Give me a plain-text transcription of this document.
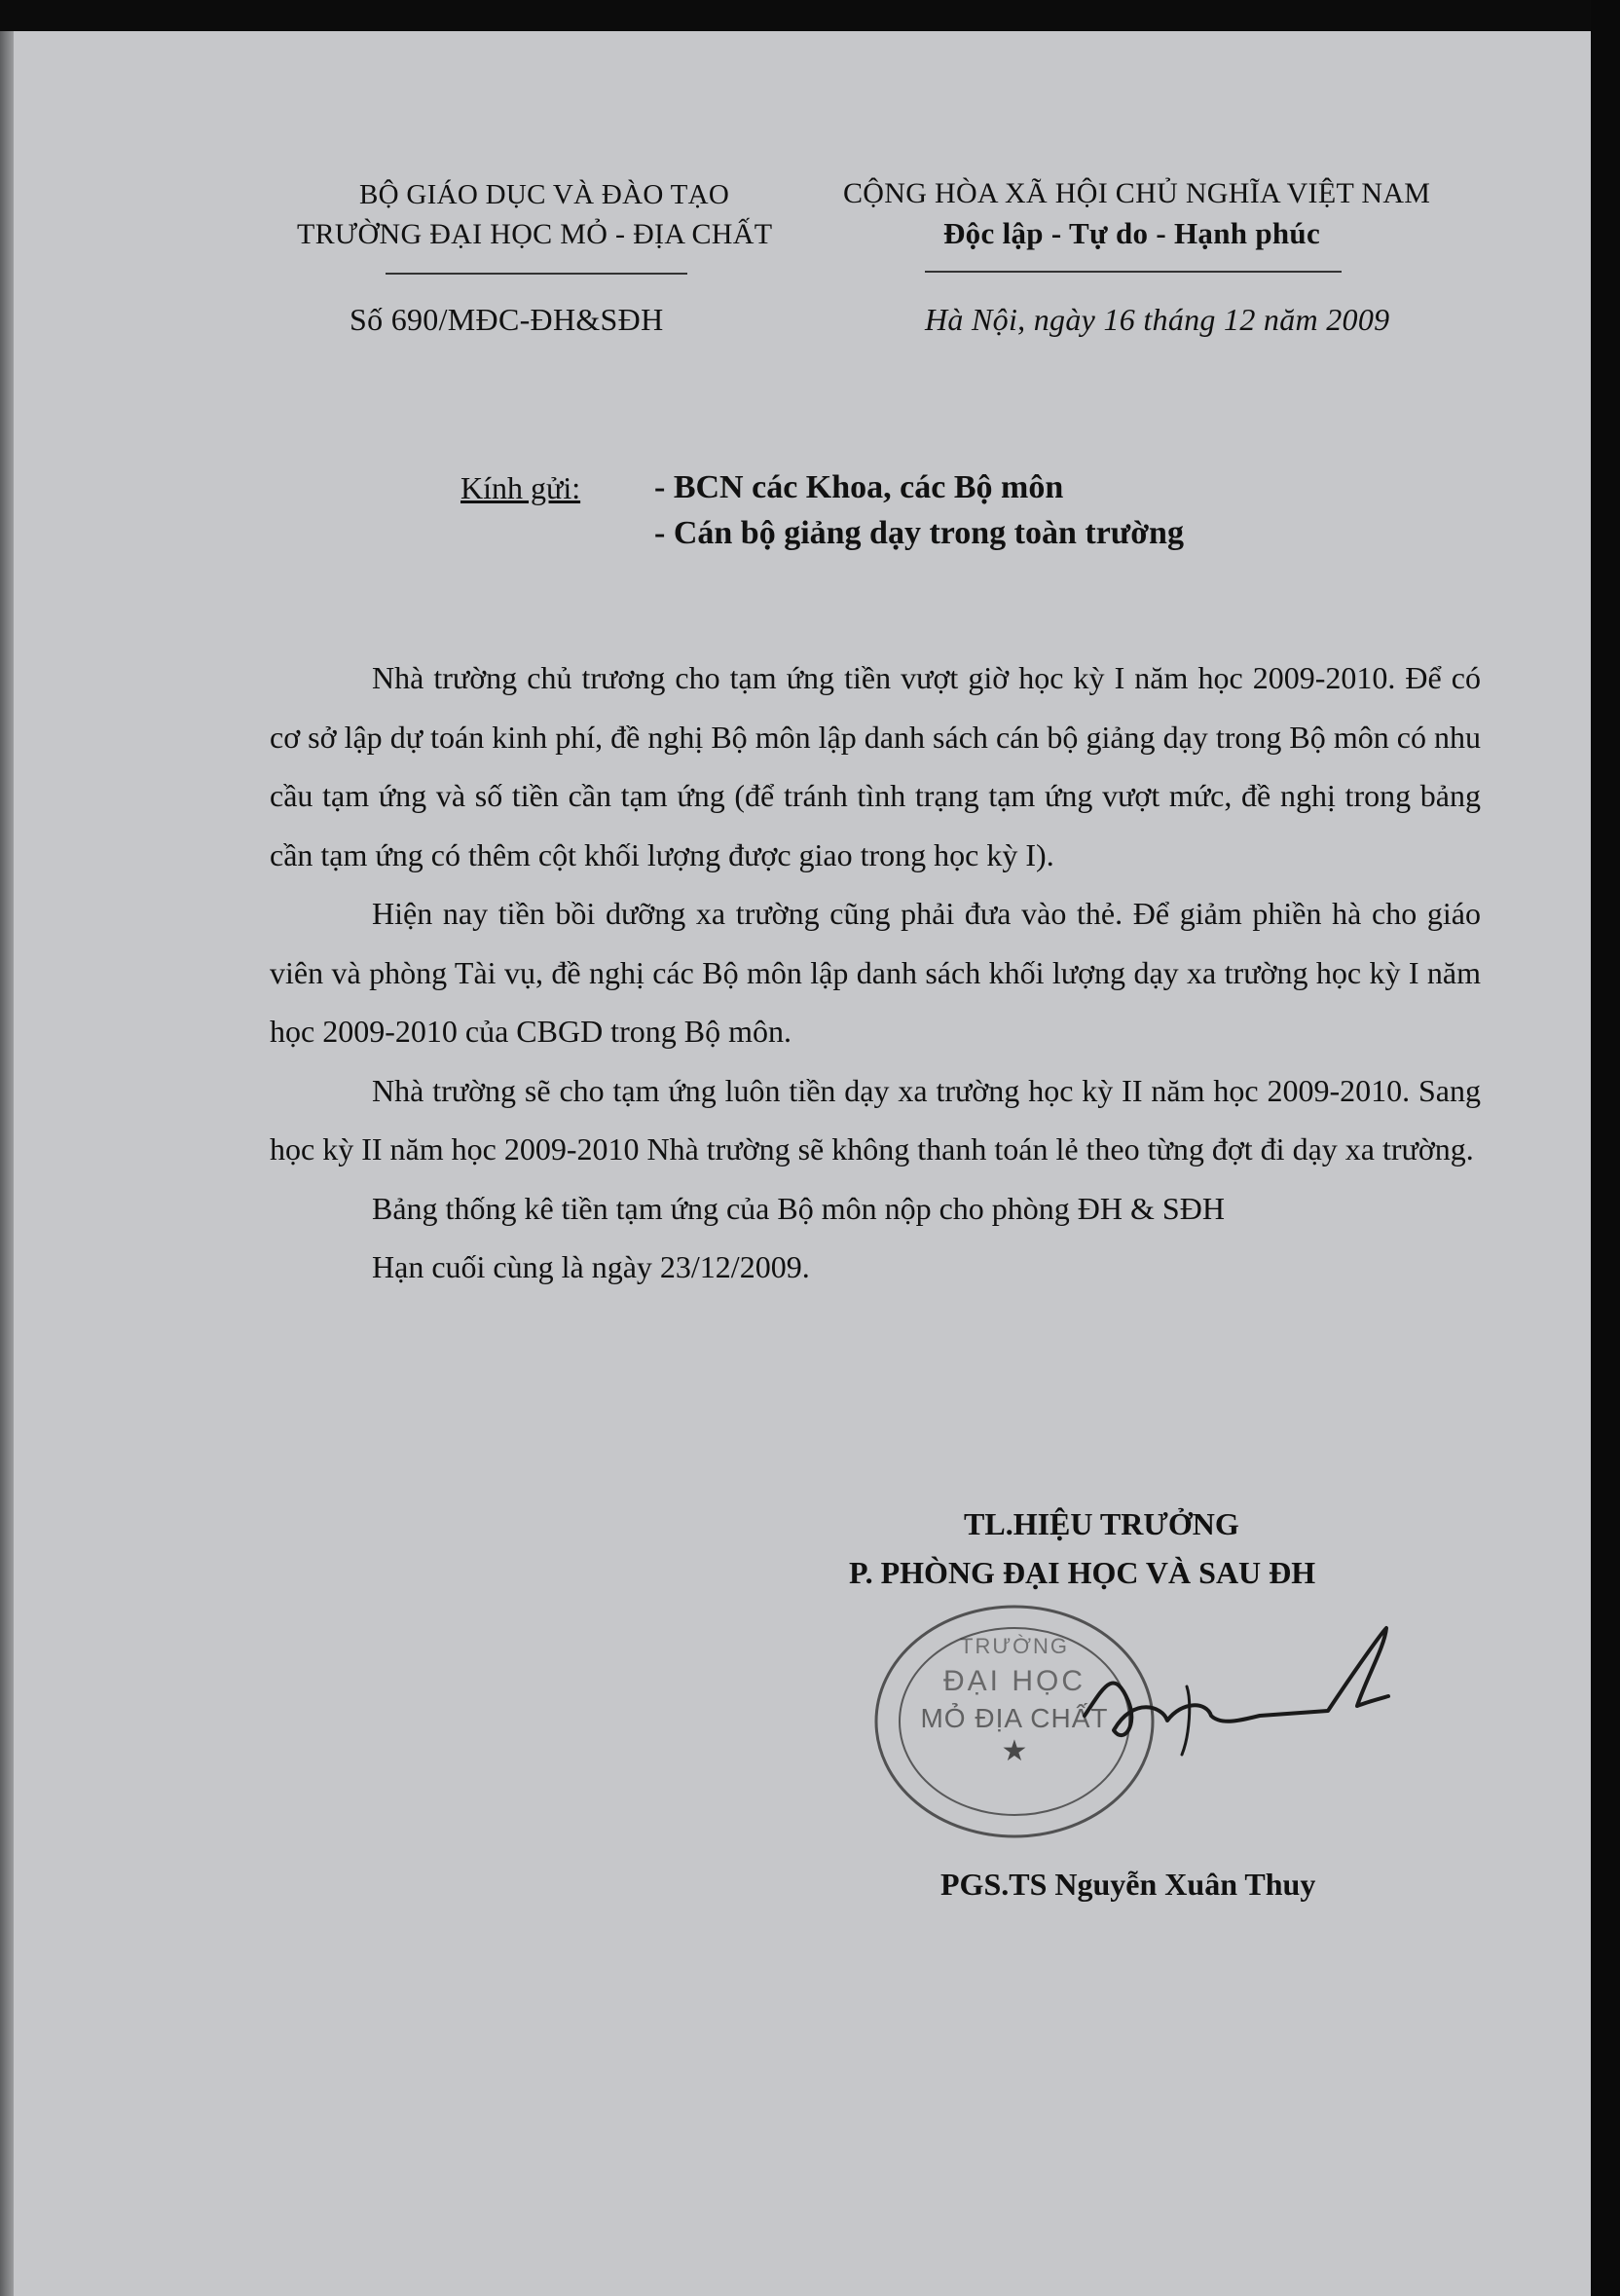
BỘ GIÁO DỤC VÀ ĐÀO TẠO
TRƯỜNG ĐẠI HỌC MỎ - ĐỊA CHẤT
Số 690/MĐC-ĐH&SĐH
CỘNG HÒA XÃ HỘI CHỦ NGHĨA VIỆT NAM
Độc lập - Tự do - Hạnh phúc
Hà Nội, ngày 16 tháng 12 năm 2009
Kính gửi: - BCN các Khoa, các Bộ môn
- Cán bộ giảng dạy trong toàn trường

Nhà trường chủ trương cho tạm ứng tiền vượt giờ học kỳ I năm học 2009-2010. Để có cơ sở lập dự toán kinh phí, đề nghị Bộ môn lập danh sách cán bộ giảng dạy trong Bộ môn có nhu cầu tạm ứng và số tiền cần tạm ứng (để tránh tình trạng tạm ứng vượt mức, đề nghị trong bảng cần tạm ứng có thêm cột khối lượng được giao trong học kỳ I).

Hiện nay tiền bồi dưỡng xa trường cũng phải đưa vào thẻ. Để giảm phiền hà cho giáo viên và phòng Tài vụ, đề nghị các Bộ môn lập danh sách khối lượng dạy xa trường học kỳ I năm học 2009-2010 của CBGD trong Bộ môn.

Nhà trường sẽ cho tạm ứng luôn tiền dạy xa trường học kỳ II năm học 2009-2010. Sang học kỳ II năm học 2009-2010 Nhà trường sẽ không thanh toán lẻ theo từng đợt đi dạy xa trường.

Bảng thống kê tiền tạm ứng của Bộ môn nộp cho phòng ĐH & SĐH

Hạn cuối cùng là ngày 23/12/2009.

TL.HIỆU TRƯỞNG
P. PHÒNG ĐẠI HỌC VÀ SAU ĐH
★
TRƯỜNG
ĐẠI HỌC
MỎ ĐỊA CHẤT
PGS.TS Nguyễn Xuân Thuy
